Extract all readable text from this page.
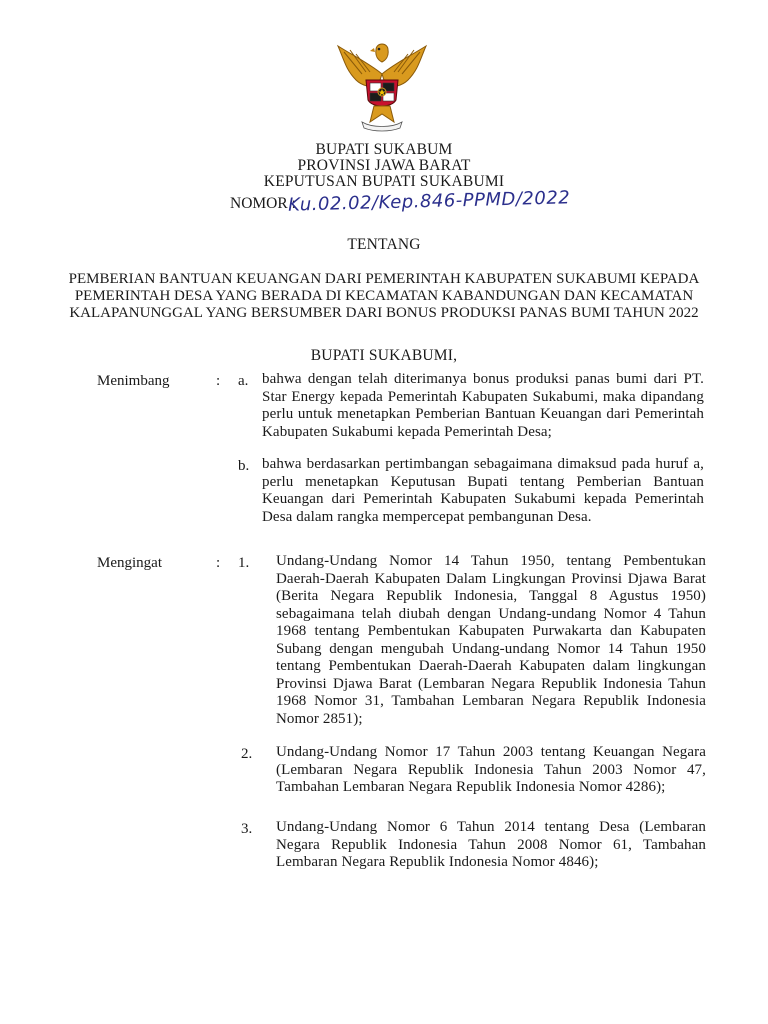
BUPATI SUKABUM
PROVINSI JAWA BARAT
KEPUTUSAN BUPATI SUKABUMI
NOMOR :
Ku.02.02/Kep.846-PPMD/2022
TENTANG
PEMBERIAN BANTUAN KEUANGAN DARI PEMERINTAH KABUPATEN SUKABUMI KEPADA PEMERINTAH DESA YANG BERADA DI KECAMATAN KABANDUNGAN DAN KECAMATAN KALAPANUNGGAL YANG BERSUMBER DARI BONUS PRODUKSI PANAS BUMI TAHUN 2022
BUPATI SUKABUMI,
Menimbang	: a. bahwa dengan telah diterimanya bonus produksi panas bumi dari PT. Star Energy kepada Pemerintah Kabupaten Sukabumi, maka dipandang perlu untuk menetapkan Pemberian Bantuan Keuangan dari Pemerintah Kabupaten Sukabumi kepada Pemerintah Desa;
b. bahwa berdasarkan pertimbangan sebagaimana dimaksud pada huruf a, perlu menetapkan Keputusan Bupati tentang Pemberian Bantuan Keuangan dari Pemerintah Kabupaten Sukabumi kepada Pemerintah Desa dalam rangka mempercepat pembangunan Desa.
Mengingat	: 1. Undang-Undang Nomor 14 Tahun 1950, tentang Pembentukan Daerah-Daerah Kabupaten Dalam Lingkungan Provinsi Djawa Barat (Berita Negara Republik Indonesia, Tanggal 8 Agustus 1950) sebagaimana telah diubah dengan Undang-undang Nomor 4 Tahun 1968 tentang Pembentukan Kabupaten Purwakarta dan Kabupaten Subang dengan mengubah Undang-undang Nomor 14 Tahun 1950 tentang Pembentukan Daerah-Daerah Kabupaten dalam lingkungan Provinsi Djawa Barat (Lembaran Negara Republik Indonesia Tahun 1968 Nomor 31, Tambahan Lembaran Negara Republik Indonesia Nomor 2851);
2. Undang-Undang Nomor 17 Tahun 2003 tentang Keuangan Negara (Lembaran Negara Republik Indonesia Tahun 2003 Nomor 47, Tambahan Lembaran Negara Republik Indonesia Nomor 4286);
3. Undang-Undang Nomor 6 Tahun 2014 tentang Desa (Lembaran Negara Republik Indonesia Tahun 2008 Nomor 61, Tambahan Lembaran Negara Republik Indonesia Nomor 4846);
